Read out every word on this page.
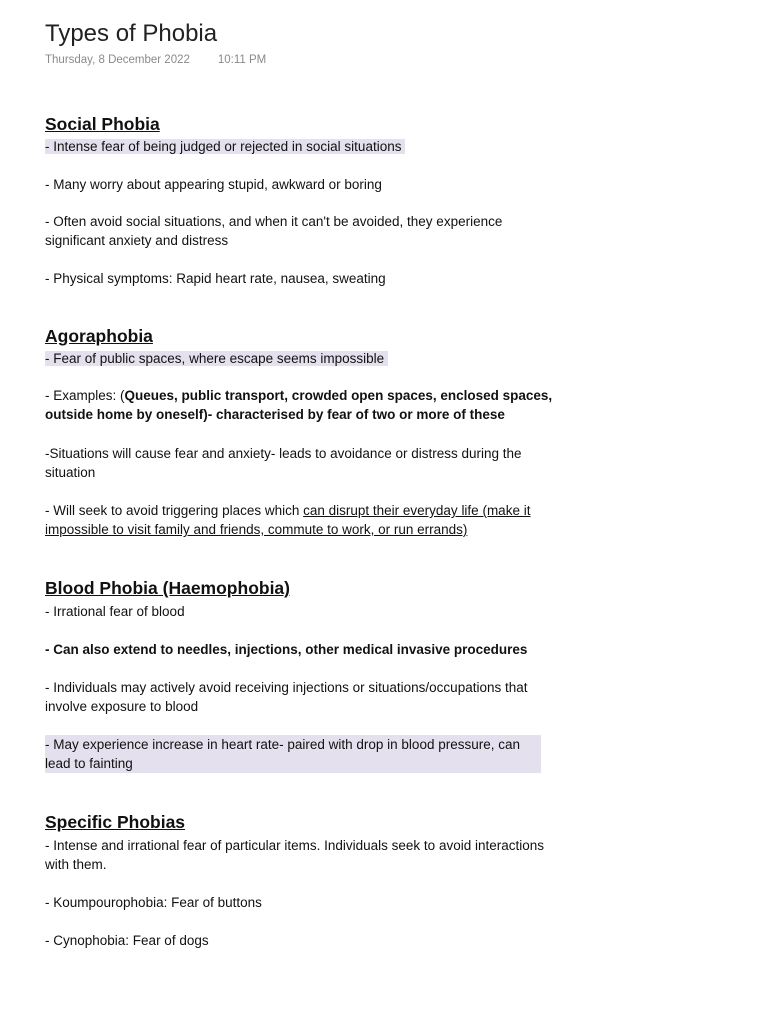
Types of Phobia
Thursday, 8 December 2022 10:11 PM
Social Phobia
- Intense fear of being judged or rejected in social situations
- Many worry about appearing stupid, awkward or boring
- Often avoid social situations, and when it can't be avoided, they experience significant anxiety and distress
- Physical symptoms: Rapid heart rate, nausea, sweating
Agoraphobia
- Fear of public spaces, where escape seems impossible
- Examples: (Queues, public transport, crowded open spaces, enclosed spaces, outside home by oneself)- characterised by fear of two or more of these
-Situations will cause fear and anxiety- leads to avoidance or distress during the situation
- Will seek to avoid triggering places which can disrupt their everyday life (make it impossible to visit family and friends, commute to work, or run errands)
Blood Phobia (Haemophobia)
- Irrational fear of blood
- Can also extend to needles, injections, other medical invasive procedures
- Individuals may actively avoid receiving injections or situations/occupations that involve exposure to blood
- May experience increase in heart rate- paired with drop in blood pressure, can lead to fainting
Specific Phobias
- Intense and irrational fear of particular items. Individuals seek to avoid interactions with them.
- Koumpourophobia: Fear of buttons
- Cynophobia: Fear of dogs
